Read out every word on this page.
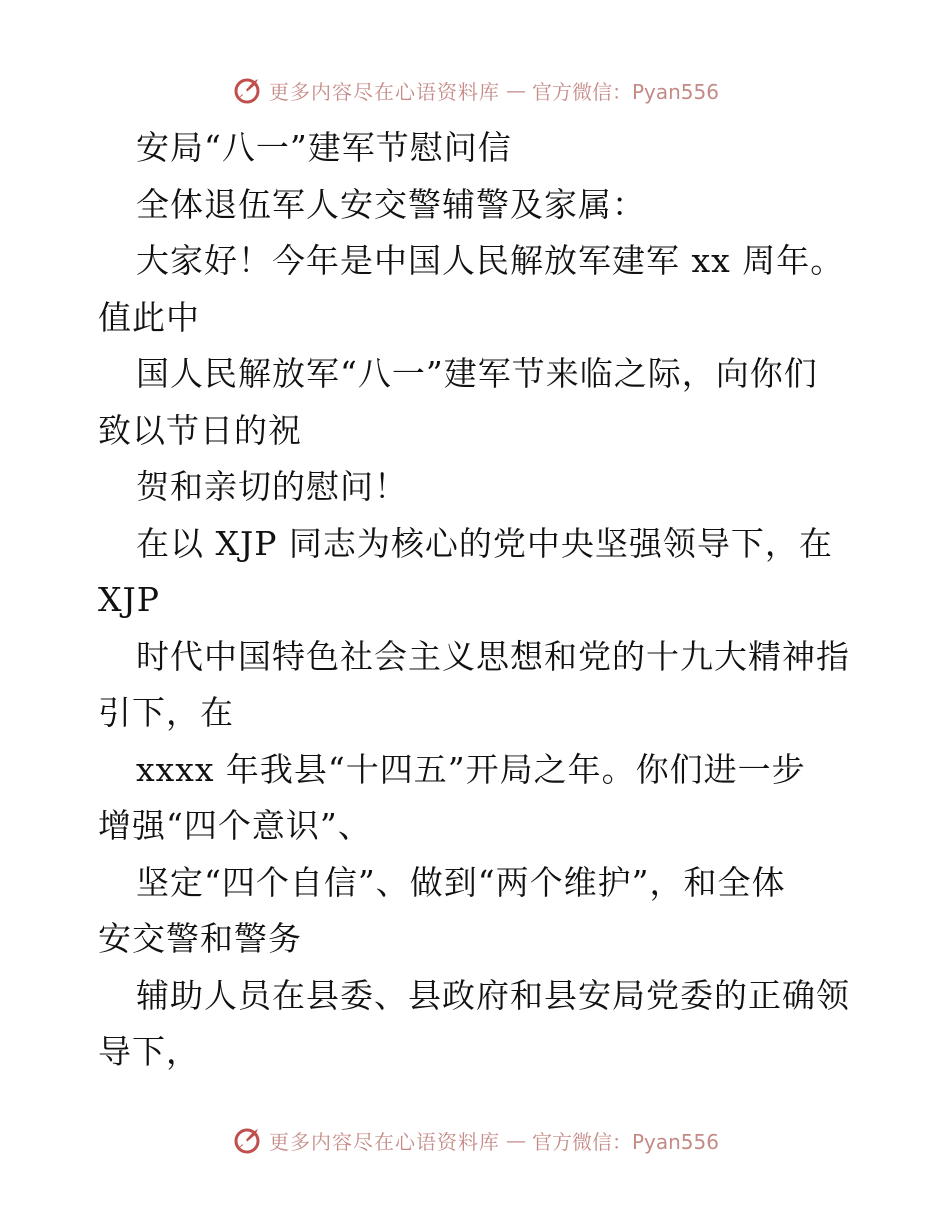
更多内容尽在心语资料库 — 官方微信：Pyan556
安局“八一”建军节慰问信
全体退伍军人安交警辅警及家属：
大家好！今年是中国人民解放军建军 xx 周年。
值此中
国人民解放军“八一”建军节来临之际，向你们
致以节日的祝
贺和亲切的慰问！
在以 XJP 同志为核心的党中央坚强领导下，在
XJP
时代中国特色社会主义思想和党的十九大精神指
引下，在
xxxx 年我县“十四五”开局之年。你们进一步
增强“四个意识”、
坚定“四个自信”、做到“两个维护”，和全体
安交警和警务
辅助人员在县委、县政府和县安局党委的正确领
导下，
更多内容尽在心语资料库 — 官方微信：Pyan556
